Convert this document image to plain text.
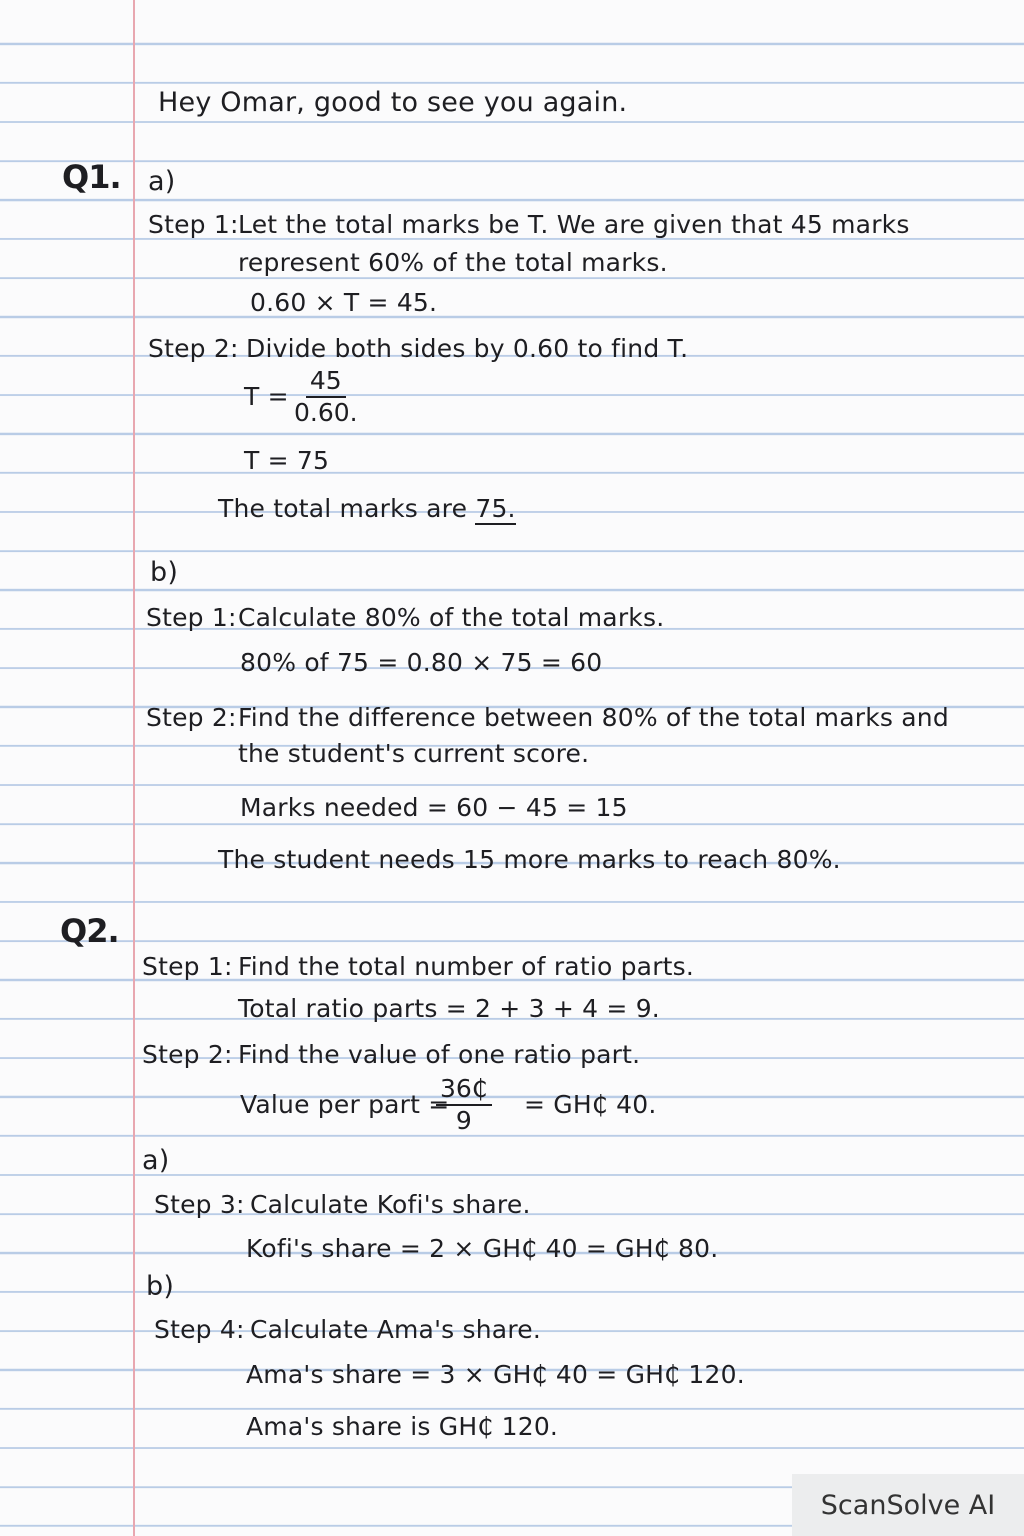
Hey Omar, good to see you again.
Q1. a)
Step 1: Let the total marks be T. We are given that 45 marks
represent 60% of the total marks.
0.60 × T = 45.
Step 2: Divide both sides by 0.60 to find T.
$T = \frac{45}{0.60.}$
T = 75
The total marks are 75.
b)
Step 1: Calculate 80% of the total marks.
80% of 75 = 0.80 × 75 = 60
Step 2: Find the difference between 80% of the total marks and
the student's current score.
Marks needed = 60 − 45 = 15
The student needs 15 more marks to reach 80%.
Q2.
Step 1: Find the total number of ratio parts.
Total ratio parts = 2 + 3 + 4 = 9.
Step 2: Find the value of one ratio part.
Value per part =
$\frac{36₵}{9}$ = GH₵ 40.
a)
Step 3: Calculate Kofi's share.
Kofi's share = 2 × GH₵ 40 = GH₵ 80.
b)
Step 4: Calculate Ama's share.
Ama's share = 3 × GH₵ 40 = GH₵ 120.
Ama's share is GH₵ 120.
ScanSolve AI
